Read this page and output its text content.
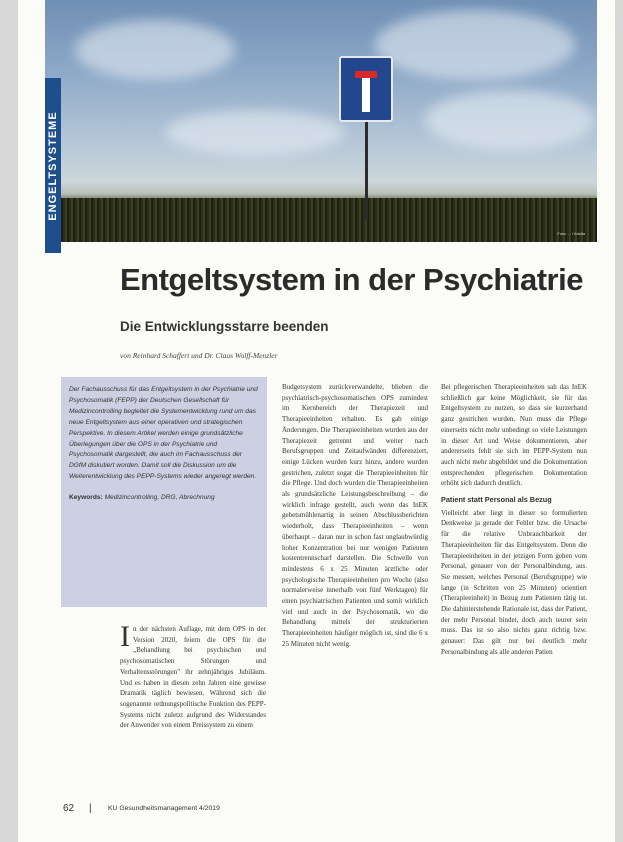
Foto: ... / fotolia
ENGELTSYSTEME
Entgeltsystem in der Psychiatrie
Die Entwicklungsstarre beenden
von Reinhard Schaffert und Dr. Claus Wolff-Menzler
Der Fachausschuss für das Entgeltsystem in der Psychiatrie und Psychosomatik (FEPP) der Deutschen Gesellschaft für Medizincontrolling begleitet die Systementwicklung rund um das neue Entgeltsystem aus einer operativen und strategischen Perspektive. In diesem Artikel werden einige grundsätzliche Überlegungen über die OPS in der Psychiatrie und Psychosomatik dargestellt, die auch im Fachausschuss der DGfM diskutiert worden. Damit soll die Diskussion um die Weiterentwicklung des PEPP-Systems wieder angeregt werden.
Keywords: Medizincontrolling, DRG, Abrechnung
In der nächsten Auflage, mit dem OPS in der Version 2020, feiern die OPS für die „Behandlung bei psychischen und psychosomatischen Störungen und Verhaltensstörungen" ihr zehnjähriges Jubiläum. Und es haben in diesen zehn Jahren eine gewisse Dramatik täglich bewiesen. Während sich die sogenannte ordnungspolitische Funktion des PEPP-Systems nicht zuletzt aufgrund des Widerstandes der Anwender von einem Preissystem zu einem
Budgetsystem zurückverwandelte, blieben die psychiatrisch-psychosomatischen OPS zumindest im Kernbereich der Therapiezeit und Therapieeinheiten erhalten. Es gab einige Änderungen. Die Therapieeinheiten wurden aus der Therapiezeit getrennt und weiter nach Berufsgruppen und Zeitaufwänden differenziert, einige Lücken wurden kurz hinzu, andere wurden gestrichen, zuletzt sogar die Therapieeinheiten für die Pflege. Und doch wurden die Therapieeinheiten als grundsätzliche Leistungsbeschreibung – die wirklich infrage gestellt, auch wenn das InEK gebetsmühlenartig in seinen Abschlussberichten wiederholt, dass Therapieeinheiten – wenn überhaupt – daran nur in schon fast unglaubwürdig hoher Konzentration bei nur wenigen Patienten kostentrennscharf darstellen. Die Schwelle von mindestens 6 x 25 Minuten ärztliche oder psychologische Therapieeinheiten pro Woche (also normalerweise innerhalb von fünf Werktagen) für einen psychiatrischen Patienten und somit wirklich viel und auch in der Psychosomatik, wo die Behandlung mittels der strukturierten Therapieeinheiten häufiger möglich ist, sind die 6 x 25 Minuten nicht wenig.
Bei pflegerischen Therapieeinheiten sah das InEK schließlich gar keine Möglichkeit, sie für das Entgeltsystem zu nutzen, so dass sie kurzerhand ganz gestrichen wurden. Nun muss die Pflege einerseits nicht mehr unbedingt so viele Leistungen in dieser Art und Weise dokumentieren, aber andererseits fehlt sie sich im PEPP-System nun auch nicht mehr abgebildet und die Dokumentation entsprechenden pflegerischen Dokumentation erhöht sich dadurch deutlich.
Patient statt Personal als Bezug
Vielleicht aber liegt in dieser so formulierten Denkweise ja gerade der Fehler bzw. die Ursache für die relative Unbrauchbarkeit der Therapieeinheiten für das Entgeltsystem. Denn die Therapieeinheiten in der jetzigen Form gehen vom Personal, genauer von der Personalbindung, aus. Sie messen, welches Personal (Berufsgruppe) wie lange (in Schritten von 25 Minuten) orientiert (Therapieeinheit) in Bezug zum Patienten tätig ist. Die dahinterstehende Rationale ist, dass der Patient, der mehr Personal bindet, doch auch teurer sein muss. Das ist so also nichts ganz richtig bzw. genauer: Das gilt nur bei deutlich mehr Personalbindung als alle anderen Patien
62 | KU Gesundheitsmanagement 4/2019
